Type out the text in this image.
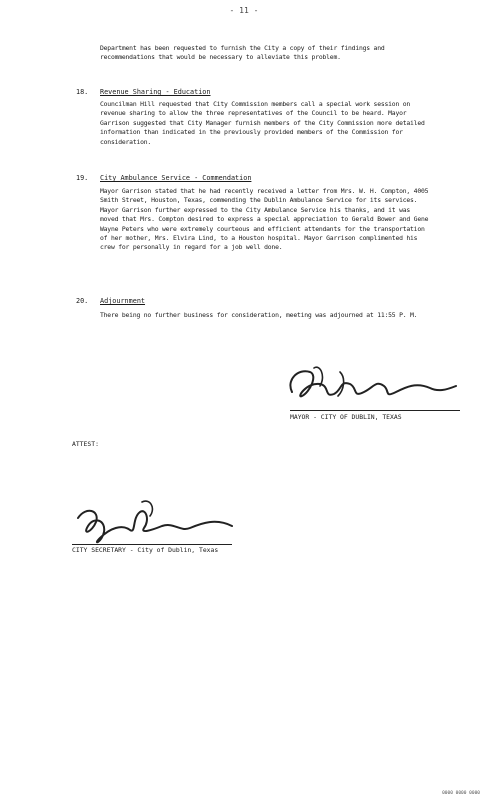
- 11 -
Department has been requested to furnish the City a copy of their findings and recommendations that would be necessary to alleviate this problem.
18. Revenue Sharing - Education
Councilman Hill requested that City Commission members call a special work session on revenue sharing to allow the three representatives of the Council to be heard. Mayor Garrison suggested that City Manager furnish members of the City Commission more detailed information than indicated in the previously provided members of the Commission for consideration.
19. City Ambulance Service - Commendation
Mayor Garrison stated that he had recently received a letter from Mrs. W. H. Compton, 4005 Smith Street, Houston, Texas, commending the Dublin Ambulance Service for its services. Mayor Garrison further expressed to the City Ambulance Service his thanks, and it was moved that Mrs. Compton desired to express a special appreciation to Gerald Bower and Gene Wayne Peters who were extremely courteous and efficient attendants for the transportation of her mother, Mrs. Elvira Lind, to a Houston hospital. Mayor Garrison complimented his crew for personally in regard for a job well done.
20. Adjournment
There being no further business for consideration, meeting was adjourned at 11:55 P. M.
MAYOR - CITY OF DUBLIN, TEXAS
ATTEST:
CITY SECRETARY - City of Dublin, Texas
0000 0000 0000
